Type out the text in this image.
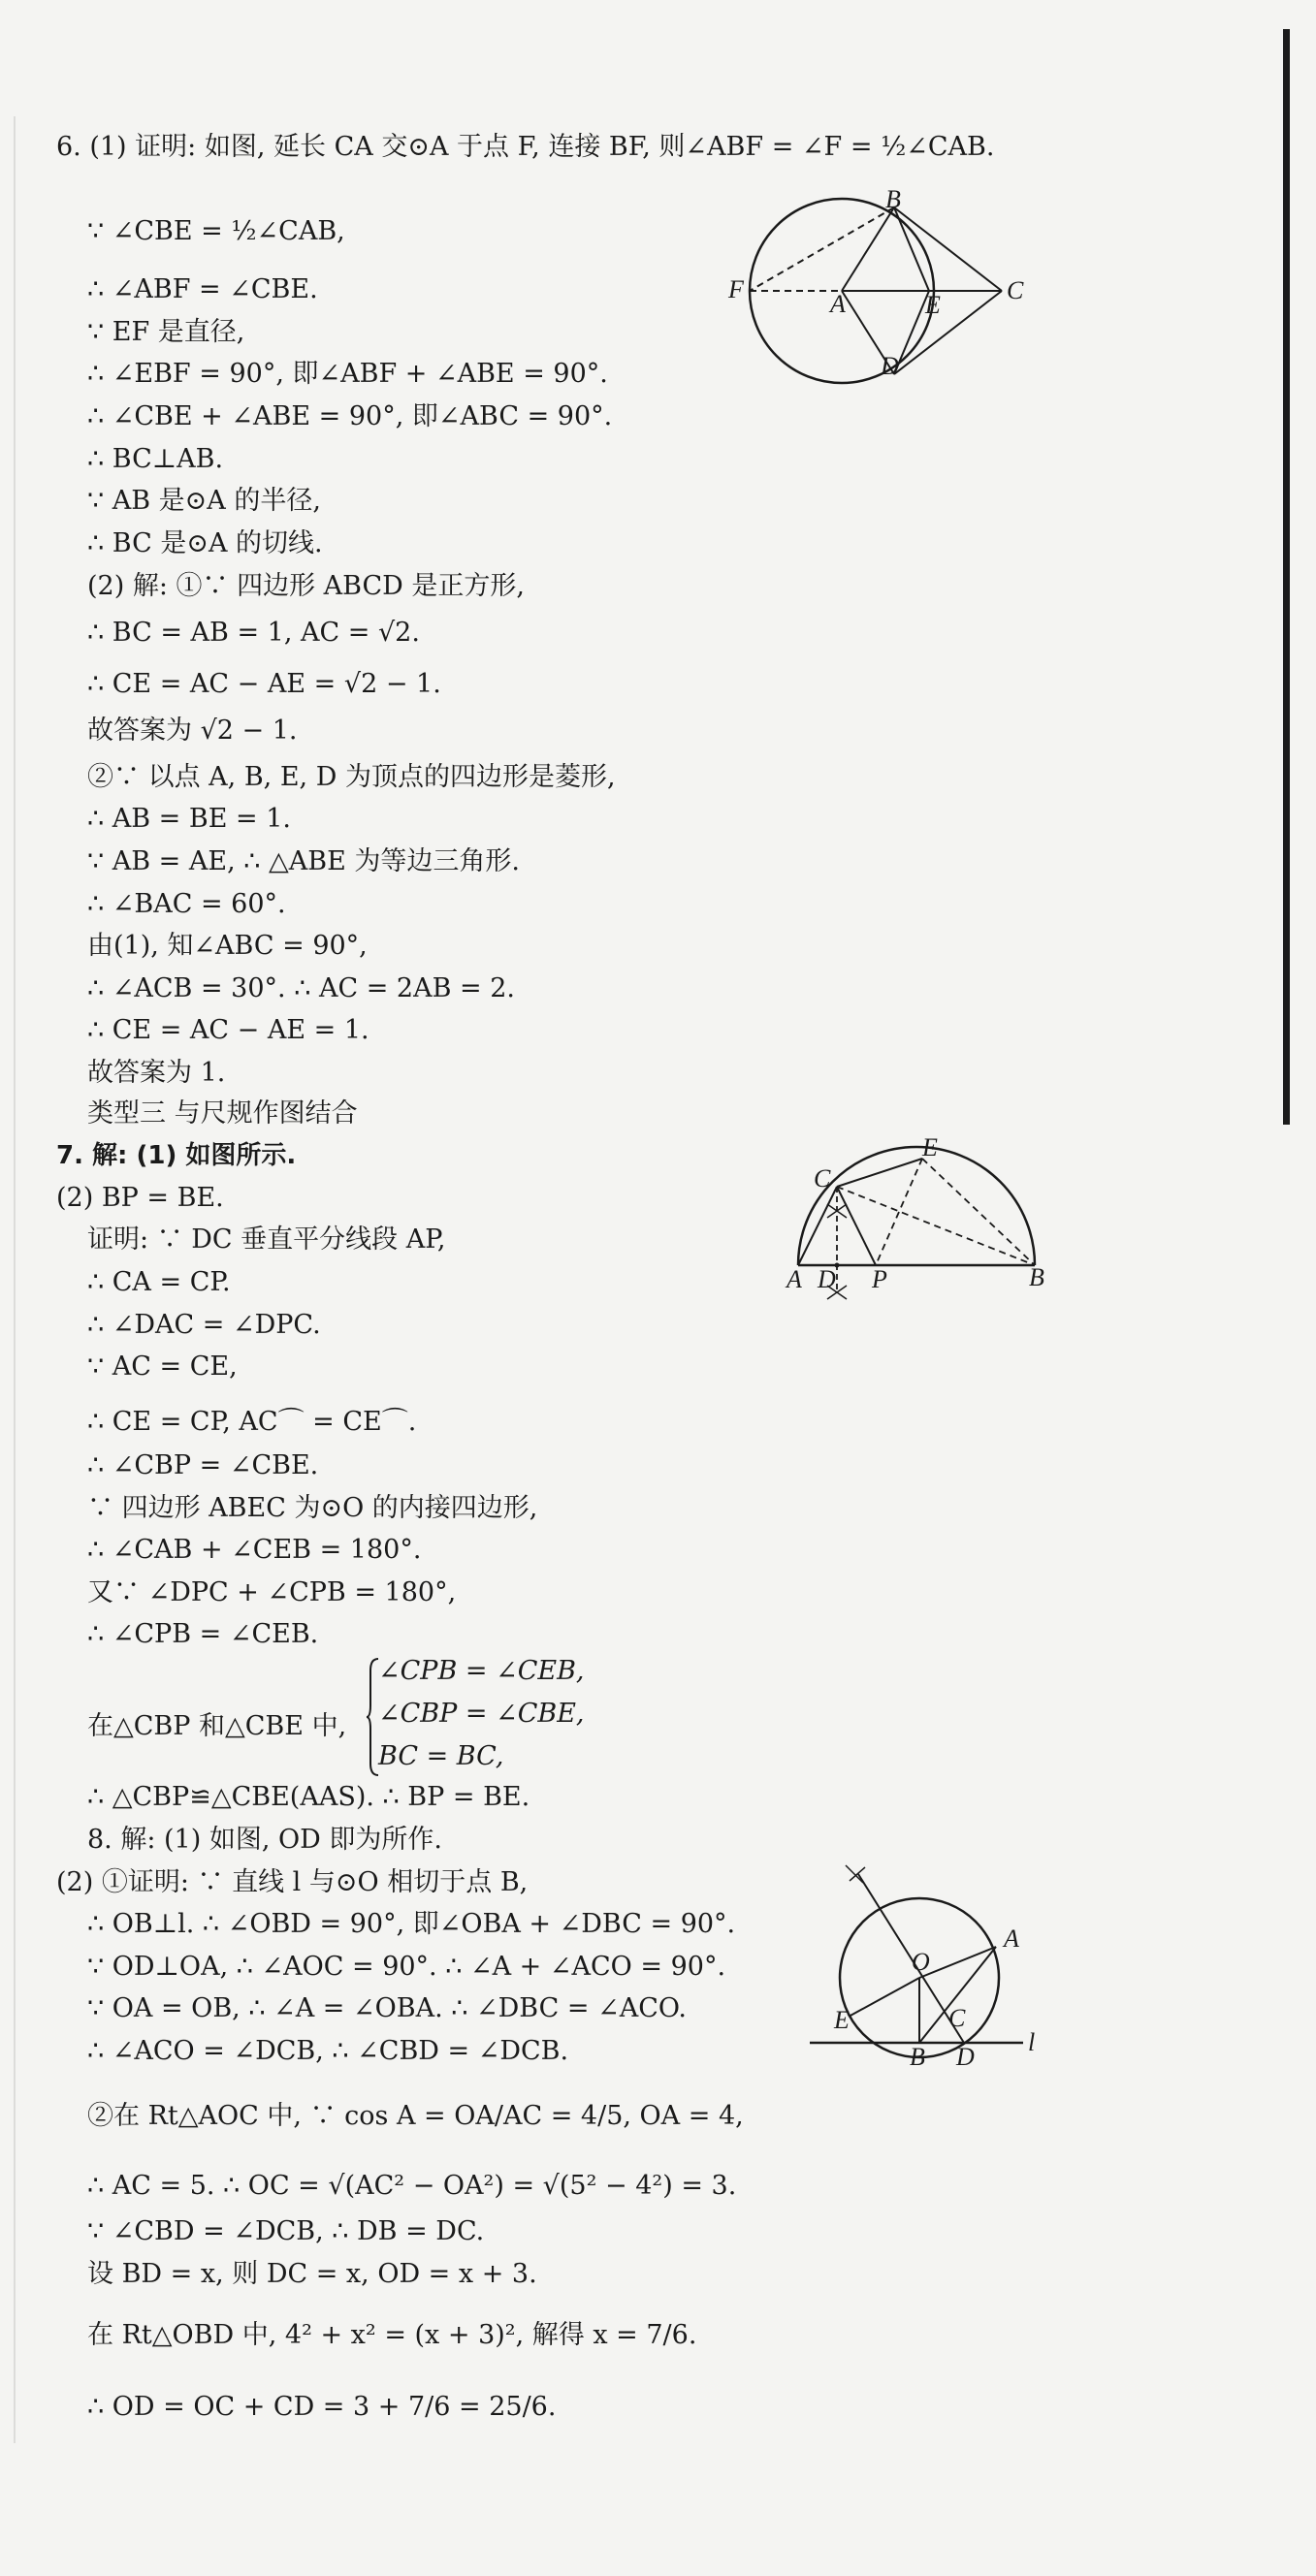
6. (1) 证明: 如图, 延长 CA 交⊙A 于点 F, 连接 BF, 则∠ABF = ∠F = ½∠CAB.
∵ ∠CBE = ½∠CAB,
∴ ∠ABF = ∠CBE.
∵ EF 是直径,
∴ ∠EBF = 90°, 即∠ABF + ∠ABE = 90°.
∴ ∠CBE + ∠ABE = 90°, 即∠ABC = 90°.
∴ BC⊥AB.
∵ AB 是⊙A 的半径,
∴ BC 是⊙A 的切线.
(2) 解: ①∵ 四边形 ABCD 是正方形,
∴ BC = AB = 1, AC = √2.
∴ CE = AC − AE = √2 − 1.
故答案为 √2 − 1.
②∵ 以点 A, B, E, D 为顶点的四边形是菱形,
∴ AB = BE = 1.
∵ AB = AE, ∴ △ABE 为等边三角形.
∴ ∠BAC = 60°.
由(1), 知∠ABC = 90°,
∴ ∠ACB = 30°. ∴ AC = 2AB = 2.
∴ CE = AC − AE = 1.
故答案为 1.
类型三 与尺规作图结合
7. 解: (1) 如图所示.
(2) BP = BE.
证明: ∵ DC 垂直平分线段 AP,
∴ CA = CP.
∴ ∠DAC = ∠DPC.
∵ AC = CE,
∴ CE = CP, AC⌒ = CE⌒.
∴ ∠CBP = ∠CBE.
∵ 四边形 ABEC 为⊙O 的内接四边形,
∴ ∠CAB + ∠CEB = 180°.
又∵ ∠DPC + ∠CPB = 180°,
∴ ∠CPB = ∠CEB.
在△CBP 和△CBE 中,
∴ △CBP≌△CBE(AAS). ∴ BP = BE.
8. 解: (1) 如图, OD 即为所作.
(2) ①证明: ∵ 直线 l 与⊙O 相切于点 B,
∴ OB⊥l. ∴ ∠OBD = 90°, 即∠OBA + ∠DBC = 90°.
∵ OD⊥OA, ∴ ∠AOC = 90°. ∴ ∠A + ∠ACO = 90°.
∵ OA = OB, ∴ ∠A = ∠OBA. ∴ ∠DBC = ∠ACO.
∴ ∠ACO = ∠DCB, ∴ ∠CBD = ∠DCB.
②在 Rt△AOC 中, ∵ cos A = OA/AC = 4/5, OA = 4,
∴ AC = 5. ∴ OC = √(AC² − OA²) = √(5² − 4²) = 3.
∵ ∠CBD = ∠DCB, ∴ DB = DC.
设 BD = x, 则 DC = x, OD = x + 3.
在 Rt△OBD 中, 4² + x² = (x + 3)², 解得 x = 7/6.
∴ OD = OC + CD = 3 + 7/6 = 25/6.
∠CPB = ∠CEB,
∠CBP = ∠CBE,
BC = BC,
B
F
A	E
C
D
E
C
A D P	B
A
O
E	C
B D
l
